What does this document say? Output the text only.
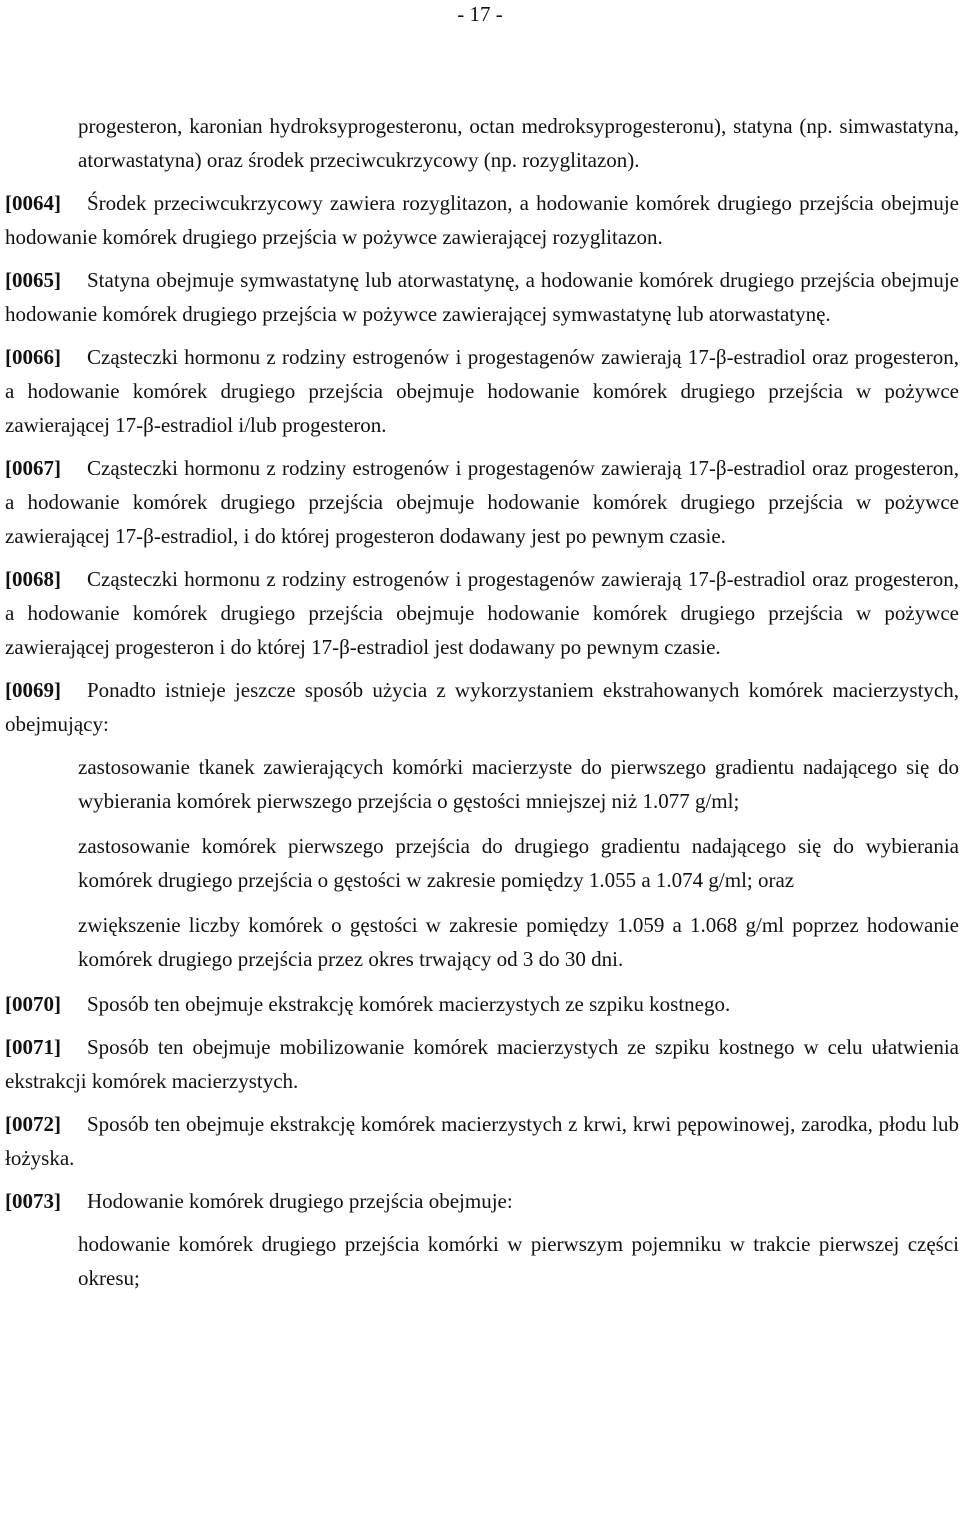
- 17 -

progesteron, karonian hydroksyprogesteronu, octan medroksyprogesteronu), statyna (np. simwastatyna, atorwastatyna) oraz środek przeciwcukrzycowy (np. rozyglitazon).

[0064] Środek przeciwcukrzycowy zawiera rozyglitazon, a hodowanie komórek drugiego przejścia obejmuje hodowanie komórek drugiego przejścia w pożywce zawierającej rozyglitazon.

[0065] Statyna obejmuje symwastatynę lub atorwastatynę, a hodowanie komórek drugiego przejścia obejmuje hodowanie komórek drugiego przejścia w pożywce zawierającej symwastatynę lub atorwastatynę.

[0066] Cząsteczki hormonu z rodziny estrogenów i progestagenów zawierają 17-β-estradiol oraz progesteron, a hodowanie komórek drugiego przejścia obejmuje hodowanie komórek drugiego przejścia w pożywce zawierającej 17-β-estradiol i/lub progesteron.

[0067] Cząsteczki hormonu z rodziny estrogenów i progestagenów zawierają 17-β-estradiol oraz progesteron, a hodowanie komórek drugiego przejścia obejmuje hodowanie komórek drugiego przejścia w pożywce zawierającej 17-β-estradiol, i do której progesteron dodawany jest po pewnym czasie.

[0068] Cząsteczki hormonu z rodziny estrogenów i progestagenów zawierają 17-β-estradiol oraz progesteron, a hodowanie komórek drugiego przejścia obejmuje hodowanie komórek drugiego przejścia w pożywce zawierającej progesteron i do której 17-β-estradiol jest dodawany po pewnym czasie.

[0069] Ponadto istnieje jeszcze sposób użycia z wykorzystaniem ekstrahowanych komórek macierzystych, obejmujący:

zastosowanie tkanek zawierających komórki macierzyste do pierwszego gradientu nadającego się do wybierania komórek pierwszego przejścia o gęstości mniejszej niż 1.077 g/ml;

zastosowanie komórek pierwszego przejścia do drugiego gradientu nadającego się do wybierania komórek drugiego przejścia o gęstości w zakresie pomiędzy 1.055 a 1.074 g/ml; oraz

zwiększenie liczby komórek o gęstości w zakresie pomiędzy 1.059 a 1.068 g/ml poprzez hodowanie komórek drugiego przejścia przez okres trwający od 3 do 30 dni.

[0070] Sposób ten obejmuje ekstrakcję komórek macierzystych ze szpiku kostnego.

[0071] Sposób ten obejmuje mobilizowanie komórek macierzystych ze szpiku kostnego w celu ułatwienia ekstrakcji komórek macierzystych.

[0072] Sposób ten obejmuje ekstrakcję komórek macierzystych z krwi, krwi pępowinowej, zarodka, płodu lub łożyska.

[0073] Hodowanie komórek drugiego przejścia obejmuje:

hodowanie komórek drugiego przejścia komórki w pierwszym pojemniku w trakcie pierwszej części okresu;
